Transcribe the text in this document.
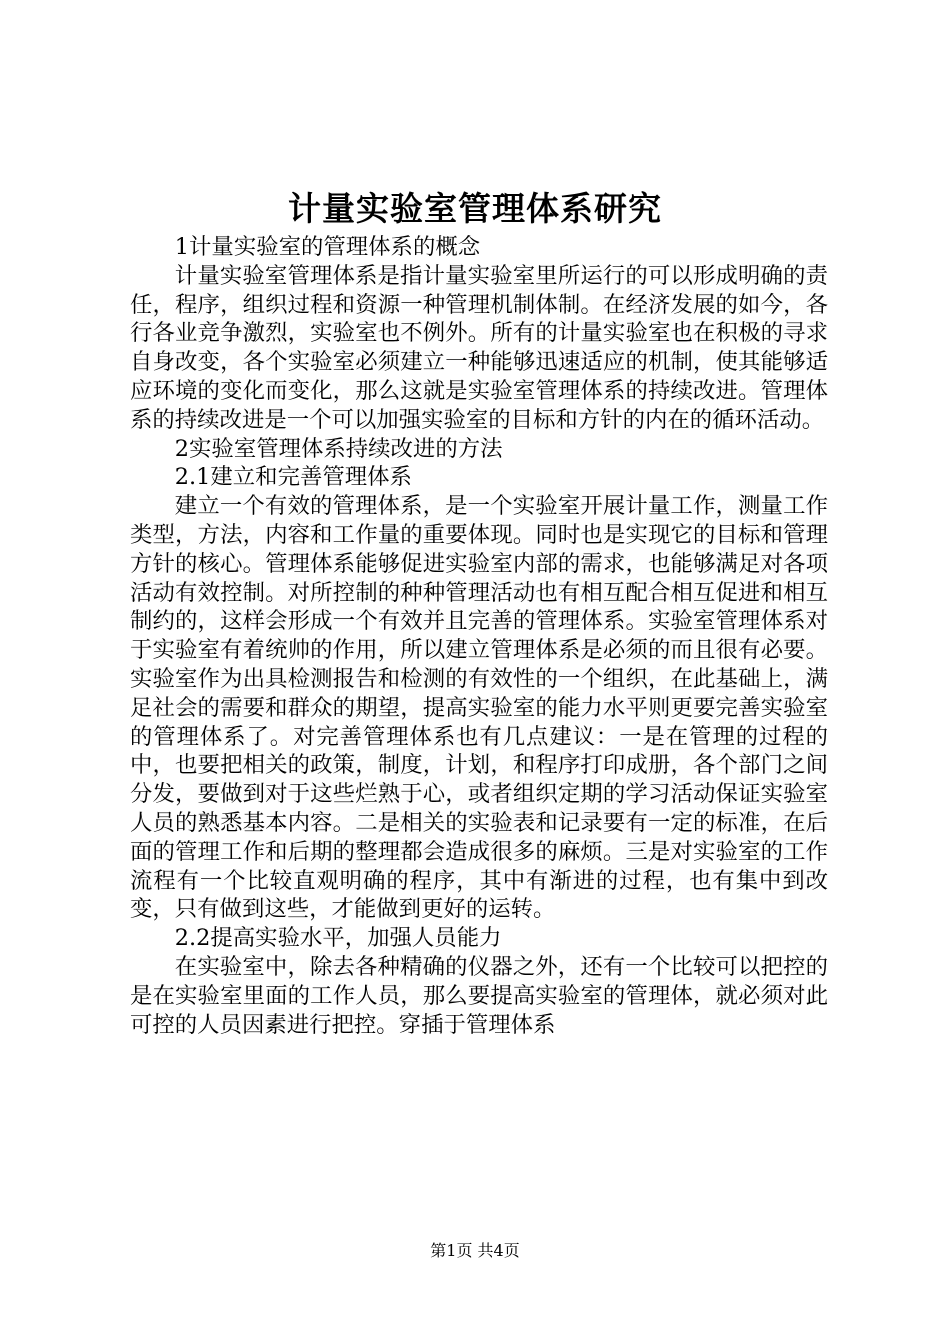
计量实验室管理体系研究

1计量实验室的管理体系的概念

计量实验室管理体系是指计量实验室里所运行的可以形成明确的责任，程序，组织过程和资源一种管理机制体制。在经济发展的如今，各行各业竞争激烈，实验室也不例外。所有的计量实验室也在积极的寻求自身改变，各个实验室必须建立一种能够迅速适应的机制，使其能够适应环境的变化而变化，那么这就是实验室管理体系的持续改进。管理体系的持续改进是一个可以加强实验室的目标和方针的内在的循环活动。

2实验室管理体系持续改进的方法

2.1建立和完善管理体系

建立一个有效的管理体系，是一个实验室开展计量工作，测量工作类型，方法，内容和工作量的重要体现。同时也是实现它的目标和管理方针的核心。管理体系能够促进实验室内部的需求，也能够满足对各项活动有效控制。对所控制的种种管理活动也有相互配合相互促进和相互制约的，这样会形成一个有效并且完善的管理体系。实验室管理体系对于实验室有着统帅的作用，所以建立管理体系是必须的而且很有必要。实验室作为出具检测报告和检测的有效性的一个组织，在此基础上，满足社会的需要和群众的期望，提高实验室的能力水平则更要完善实验室的管理体系了。对完善管理体系也有几点建议：一是在管理的过程的中，也要把相关的政策，制度，计划，和程序打印成册，各个部门之间分发，要做到对于这些烂熟于心，或者组织定期的学习活动保证实验室人员的熟悉基本内容。二是相关的实验表和记录要有一定的标准，在后面的管理工作和后期的整理都会造成很多的麻烦。三是对实验室的工作流程有一个比较直观明确的程序，其中有渐进的过程，也有集中到改变，只有做到这些，才能做到更好的运转。

2.2提高实验水平，加强人员能力

在实验室中，除去各种精确的仪器之外，还有一个比较可以把控的是在实验室里面的工作人员，那么要提高实验室的管理体，就必须对此可控的人员因素进行把控。穿插于管理体系

第1页 共4页
